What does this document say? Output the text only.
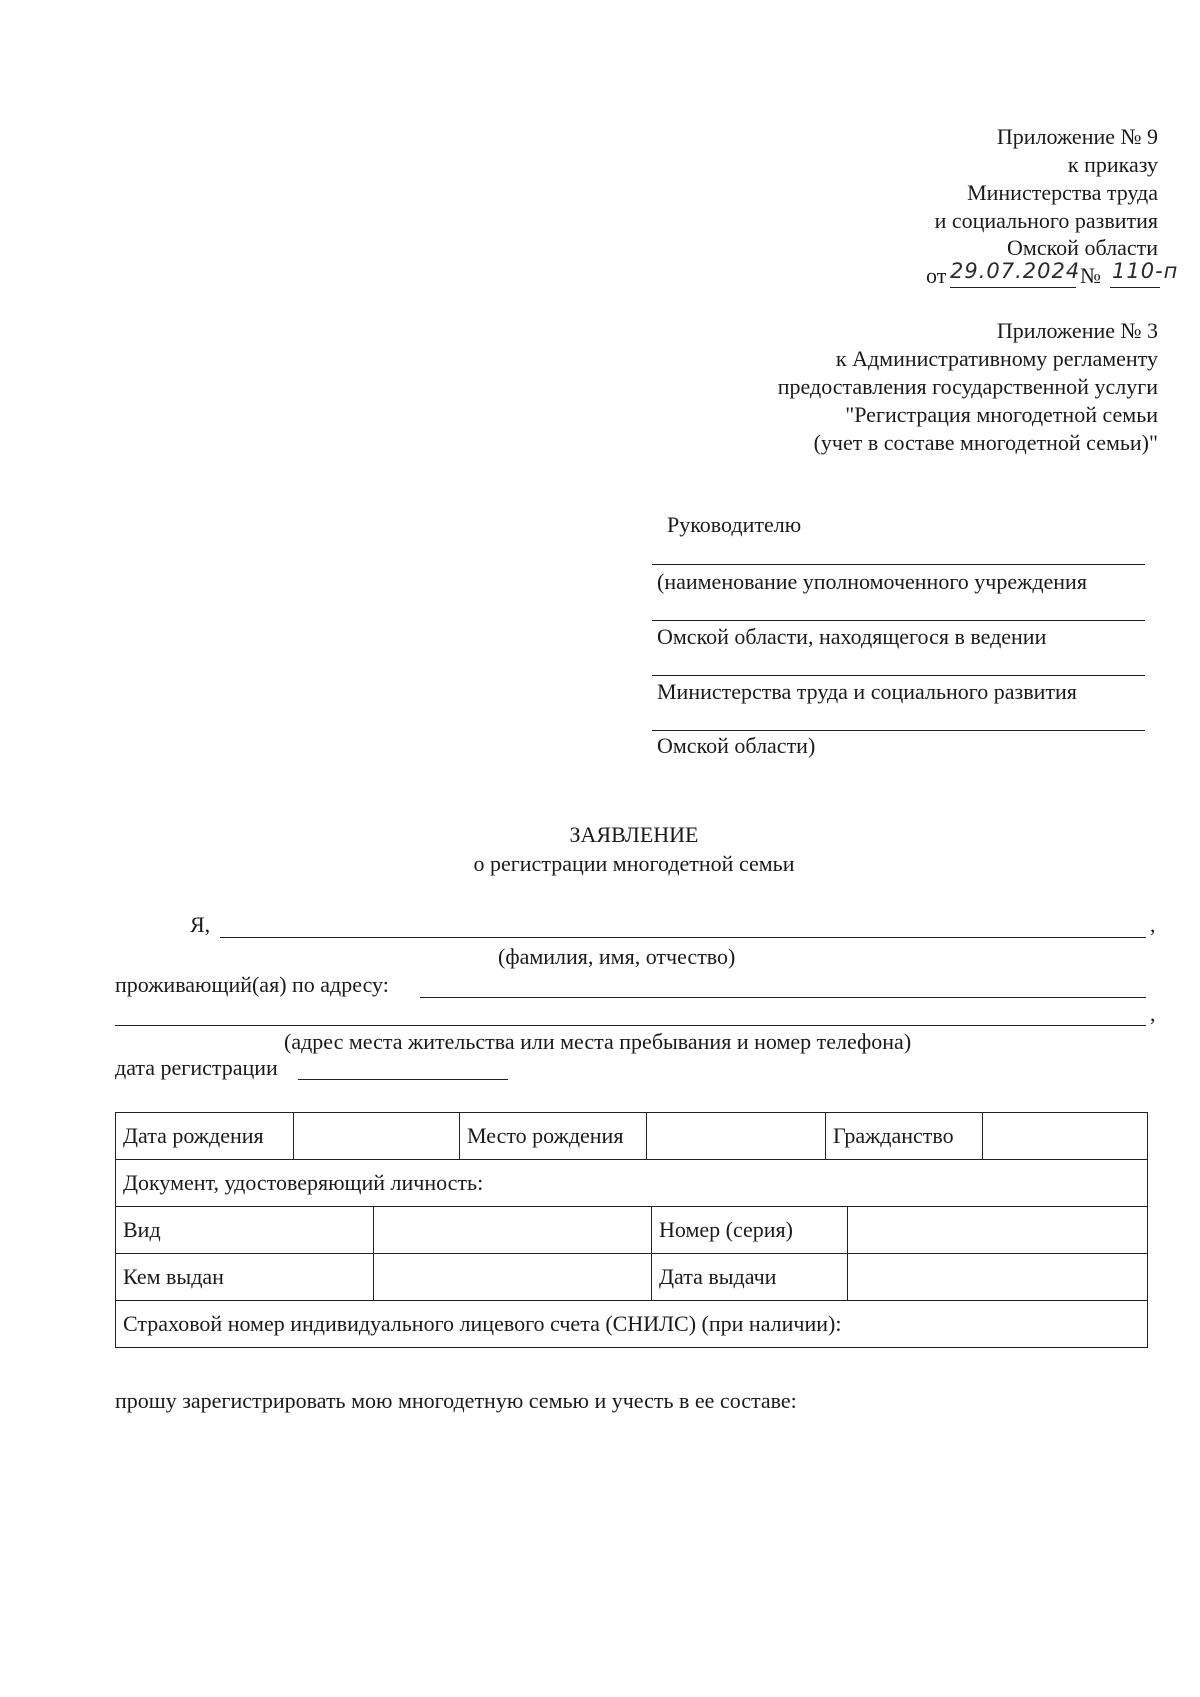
Приложение № 9
к приказу
Министерства труда
и социального развития
Омской области
от 29.07.2024 № 110-п
Приложение № 3
к Административному регламенту
предоставления государственной услуги
"Регистрация многодетной семьи
(учет в составе многодетной семьи)"
Руководителю
(наименование уполномоченного учреждения
Омской области, находящегося в ведении
Министерства труда и социального развития
Омской области)
ЗАЯВЛЕНИЕ
о регистрации многодетной семьи
Я,	,
(фамилия, имя, отчество)
проживающий(ая) по адресу:
,
(адрес места жительства или места пребывания и номер телефона)
дата регистрации
Дата рождения			Место рождения			Гражданство		
Документ, удостоверяющий личность:								
Вид					Номер (серия)			
Кем выдан					Дата выдачи			
Страховой номер индивидуального лицевого счета (СНИЛС) (при наличии):								
прошу зарегистрировать мою многодетную семью и учесть в ее составе:
